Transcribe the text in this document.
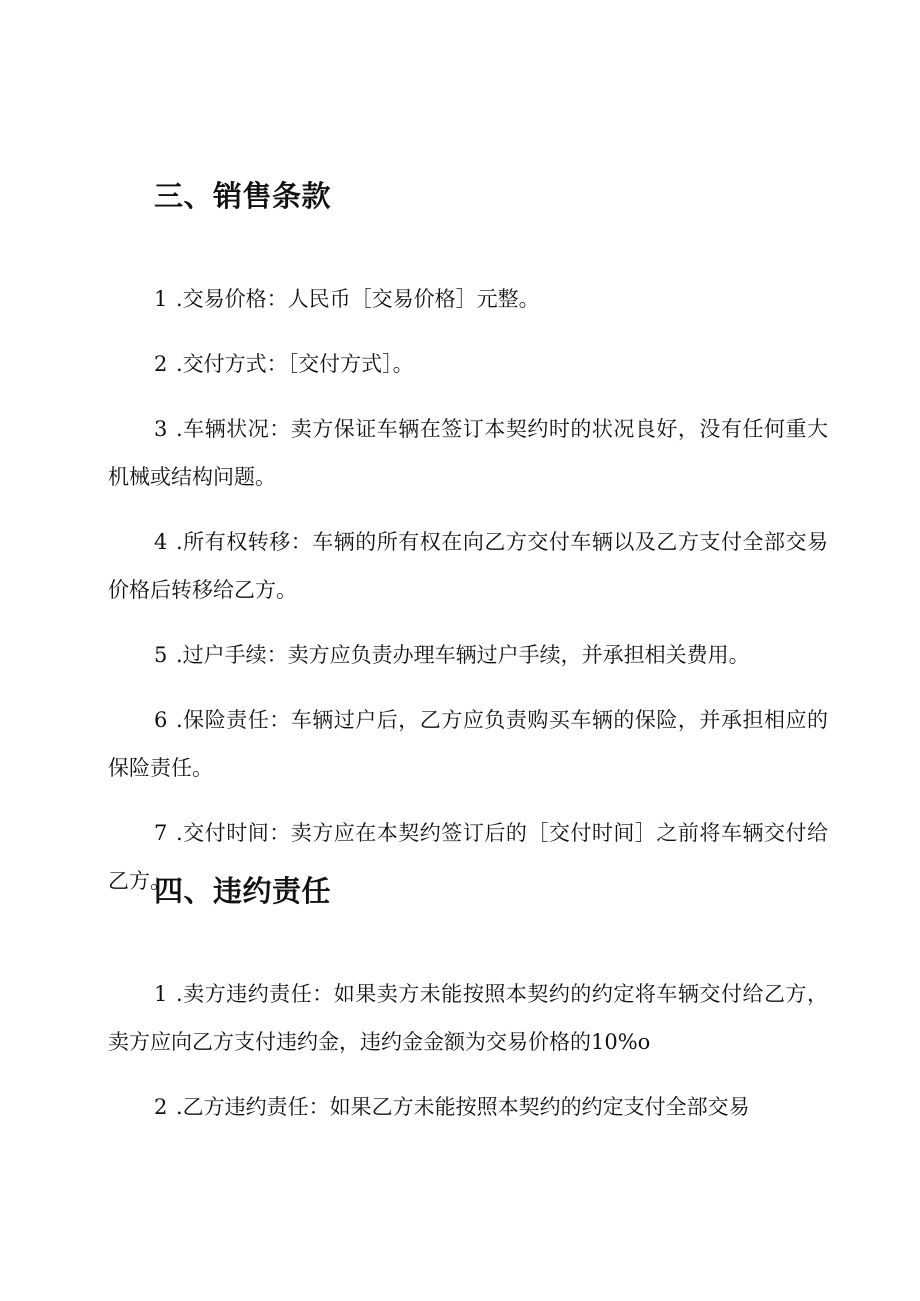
三、销售条款
1 .交易价格：人民币［交易价格］元整。
2 .交付方式：［交付方式］。
3 .车辆状况：卖方保证车辆在签订本契约时的状况良好，没有任何重大机械或结构问题。
4 .所有权转移：车辆的所有权在向乙方交付车辆以及乙方支付全部交易价格后转移给乙方。
5 .过户手续：卖方应负责办理车辆过户手续，并承担相关费用。
6 .保险责任：车辆过户后，乙方应负责购买车辆的保险，并承担相应的保险责任。
7 .交付时间：卖方应在本契约签订后的［交付时间］之前将车辆交付给乙方。
四、违约责任
1 .卖方违约责任：如果卖方未能按照本契约的约定将车辆交付给乙方，卖方应向乙方支付违约金，违约金金额为交易价格的10%o
2 .乙方违约责任：如果乙方未能按照本契约的约定支付全部交易
